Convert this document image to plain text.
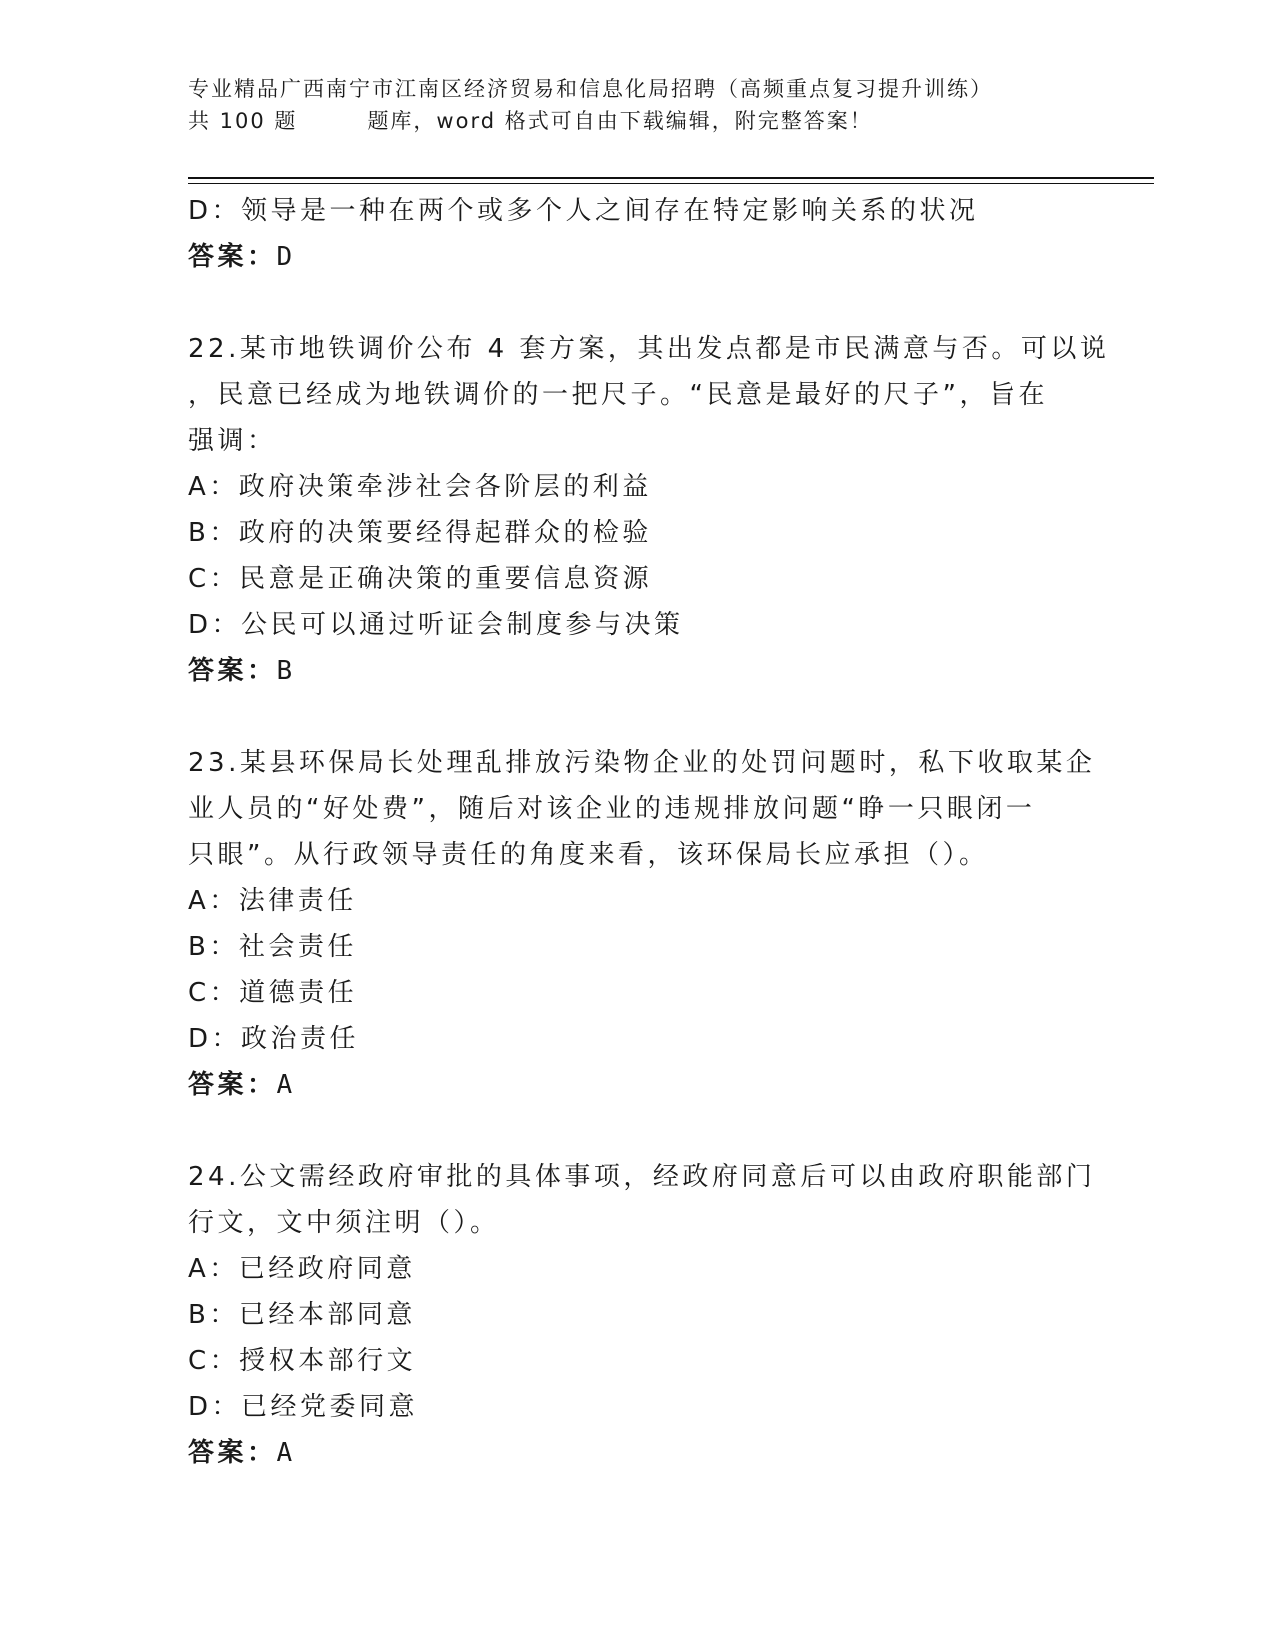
专业精品广西南宁市江南区经济贸易和信息化局招聘（高频重点复习提升训练）
共 100 题	题库，word 格式可自由下载编辑，附完整答案！
D：领导是一种在两个或多个人之间存在特定影响关系的状况
答案：D
22.某市地铁调价公布 4 套方案，其出发点都是市民满意与否。可以说
，民意已经成为地铁调价的一把尺子。“民意是最好的尺子”，旨在
强调：
A：政府决策牵涉社会各阶层的利益
B：政府的决策要经得起群众的检验
C：民意是正确决策的重要信息资源
D：公民可以通过听证会制度参与决策
答案：B
23.某县环保局长处理乱排放污染物企业的处罚问题时，私下收取某企
业人员的“好处费”，随后对该企业的违规排放问题“睁一只眼闭一
只眼”。从行政领导责任的角度来看，该环保局长应承担（）。
A：法律责任
B：社会责任
C：道德责任
D：政治责任
答案：A
24.公文需经政府审批的具体事项，经政府同意后可以由政府职能部门
行文，文中须注明（）。
A：已经政府同意
B：已经本部同意
C：授权本部行文
D：已经党委同意
答案：A
